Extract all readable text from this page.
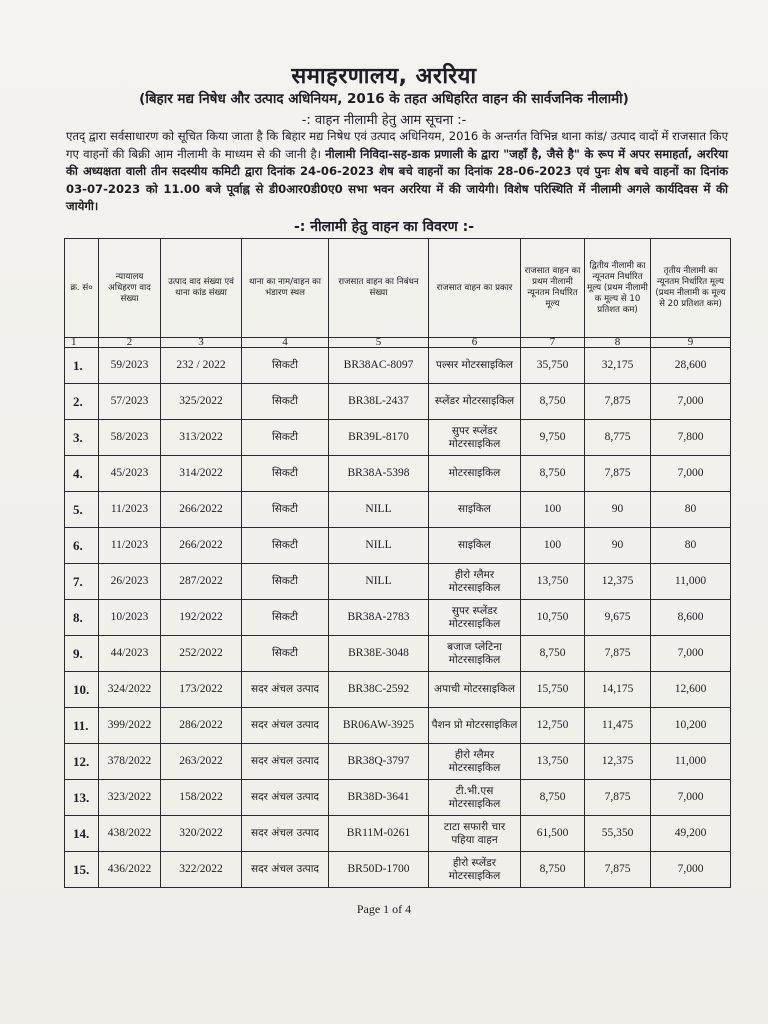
समाहरणालय, अररिया
(बिहार मद्य निषेध और उत्पाद अधिनियम, 2016 के तहत अधिहरित वाहन की सार्वजनिक नीलामी)
-: वाहन नीलामी हेतु आम सूचना :-
एतद् द्वारा सर्वसाधारण को सूचित किया जाता है कि बिहार मद्य निषेध एवं उत्पाद अधिनियम, 2016 के अन्तर्गत विभिन्न थाना कांड/ उत्पाद वादों में राजसात किए गए वाहनों की बिक्री आम नीलामी के माध्यम से की जानी है। नीलामी निविदा-सह-डाक प्रणाली के द्वारा "जहाँ है, जैसे है" के रूप में अपर समाहर्ता, अररिया की अध्यक्षता वाली तीन सदस्यीय कमिटी द्वारा दिनांक 24-06-2023 शेष बचे वाहनों का दिनांक 28-06-2023 एवं पुनः शेष बचे वाहनों का दिनांक 03-07-2023 को 11.00 बजे पूर्वाह्न से डी0आर0डी0ए0 सभा भवन अररिया में की जायेगी। विशेष परिस्थिति में नीलामी अगले कार्यदिवस में की जायेगी।
-: नीलामी हेतु वाहन का विवरण :-
क्र. सं०	न्यायालय अधिहरण वाद संख्या	उत्पाद वाद संख्या एवं थाना कांड संख्या	थाना का नाम/वाहन का भंडारण स्थल	राजसात वाहन का निबंधन संख्या	राजसात वाहन का प्रकार	राजसात वाहन का प्रथम नीलामी न्यूनतम निर्धारित मूल्य	द्वितीय नीलामी का न्यूनतम निर्धारित मूल्य (प्रथम नीलामी क मूल्य से 10 प्रतिशत कम)	तृतीय नीलामी का न्यूनतम निर्धारित मूल्य (प्रथम नीलामी क मूल्य से 20 प्रतिशत कम)
1	2	3	4	5	6	7	8	9
1.	59/2023	232 / 2022	सिकटी	BR38AC-8097	पल्सर मोटरसाइकिल	35,750	32,175	28,600
2.	57/2023	325/2022	सिकटी	BR38L-2437	स्प्लेंडर मोटरसाइकिल	8,750	7,875	7,000
3.	58/2023	313/2022	सिकटी	BR39L-8170	सुपर स्प्लेंडर मोटरसाइकिल	9,750	8,775	7,800
4.	45/2023	314/2022	सिकटी	BR38A-5398	मोटरसाइकिल	8,750	7,875	7,000
5.	11/2023	266/2022	सिकटी	NILL	साइकिल	100	90	80
6.	11/2023	266/2022	सिकटी	NILL	साइकिल	100	90	80
7.	26/2023	287/2022	सिकटी	NILL	हीरो ग्लैमर मोटरसाइकिल	13,750	12,375	11,000
8.	10/2023	192/2022	सिकटी	BR38A-2783	सुपर स्प्लेंडर मोटरसाइकिल	10,750	9,675	8,600
9.	44/2023	252/2022	सिकटी	BR38E-3048	बजाज प्लेटिना मोटरसाइकिल	8,750	7,875	7,000
10.	324/2022	173/2022	सदर अंचल उत्पाद	BR38C-2592	अपाची मोटरसाइकिल	15,750	14,175	12,600
11.	399/2022	286/2022	सदर अंचल उत्पाद	BR06AW-3925	पैशन प्रो मोटरसाइकिल	12,750	11,475	10,200
12.	378/2022	263/2022	सदर अंचल उत्पाद	BR38Q-3797	हीरो ग्लैमर मोटरसाइकिल	13,750	12,375	11,000
13.	323/2022	158/2022	सदर अंचल उत्पाद	BR38D-3641	टी.भी.एस मोटरसाइकिल	8,750	7,875	7,000
14.	438/2022	320/2022	सदर अंचल उत्पाद	BR11M-0261	टाटा सफारी चार पहिया वाहन	61,500	55,350	49,200
15.	436/2022	322/2022	सदर अंचल उत्पाद	BR50D-1700	हीरो स्प्लेंडर मोटरसाइकिल	8,750	7,875	7,000
Page 1 of 4
